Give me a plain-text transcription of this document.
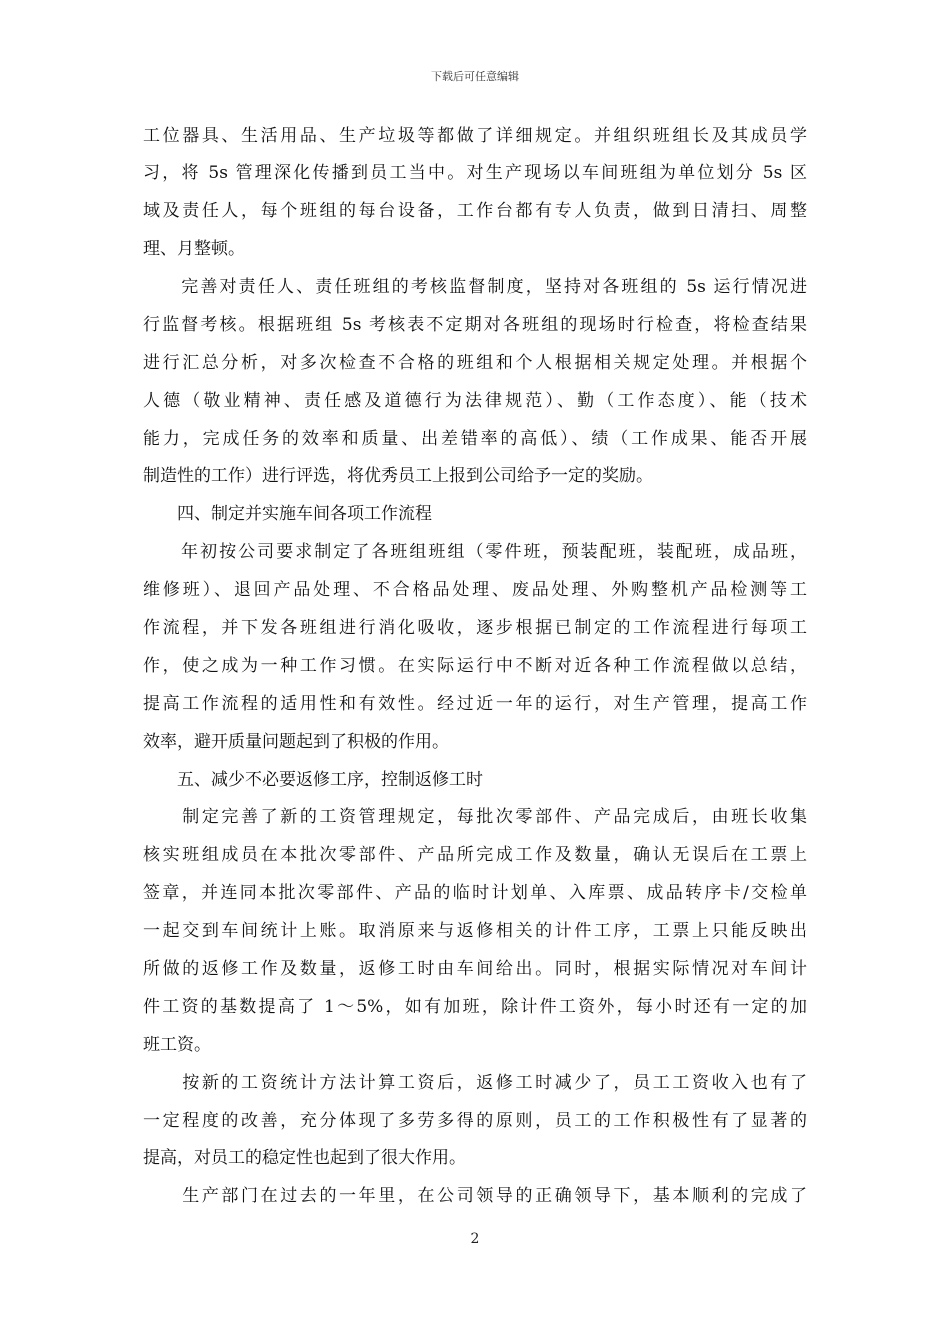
下载后可任意编辑
工位器具、生活用品、生产垃圾等都做了详细规定。并组织班组长及其成员学
习，将 5s 管理深化传播到员工当中。对生产现场以车间班组为单位划分 5s 区
域及责任人，每个班组的每台设备，工作台都有专人负责，做到日清扫、周整
理、月整顿。
　　完善对责任人、责任班组的考核监督制度，坚持对各班组的 5s 运行情况进
行监督考核。根据班组 5s 考核表不定期对各班组的现场时行检查，将检查结果
进行汇总分析，对多次检查不合格的班组和个人根据相关规定处理。并根据个
人德（敬业精神、责任感及道德行为法律规范）、勤（工作态度）、能（技术
能力，完成任务的效率和质量、出差错率的高低）、绩（工作成果、能否开展
制造性的工作）进行评选，将优秀员工上报到公司给予一定的奖励。
　　四、制定并实施车间各项工作流程
　　年初按公司要求制定了各班组班组（零件班，预装配班，装配班，成品班，
维修班）、退回产品处理、不合格品处理、废品处理、外购整机产品检测等工
作流程，并下发各班组进行消化吸收，逐步根据已制定的工作流程进行每项工
作，使之成为一种工作习惯。在实际运行中不断对近各种工作流程做以总结，
提高工作流程的适用性和有效性。经过近一年的运行，对生产管理，提高工作
效率，避开质量问题起到了积极的作用。
　　五、减少不必要返修工序，控制返修工时
　　制定完善了新的工资管理规定，每批次零部件、产品完成后，由班长收集
核实班组成员在本批次零部件、产品所完成工作及数量，确认无误后在工票上
签章，并连同本批次零部件、产品的临时计划单、入库票、成品转序卡/交检单
一起交到车间统计上账。取消原来与返修相关的计件工序，工票上只能反映出
所做的返修工作及数量，返修工时由车间给出。同时，根据实际情况对车间计
件工资的基数提高了 1～5%，如有加班，除计件工资外，每小时还有一定的加
班工资。
　　按新的工资统计方法计算工资后，返修工时减少了，员工工资收入也有了
一定程度的改善，充分体现了多劳多得的原则，员工的工作积极性有了显著的
提高，对员工的稳定性也起到了很大作用。
　　生产部门在过去的一年里，在公司领导的正确领导下，基本顺利的完成了
2
